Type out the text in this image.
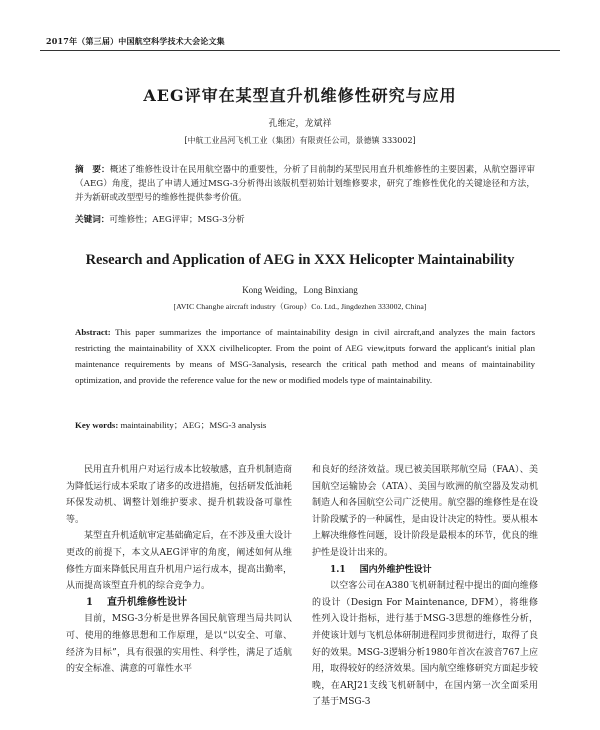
2017年（第三届）中国航空科学技术大会论文集
AEG评审在某型直升机维修性研究与应用
孔维定，龙斌祥
[中航工业昌河飞机工业（集团）有限责任公司，景德镇 333002]
摘　要：概述了维修性设计在民用航空器中的重要性，分析了目前制约某型民用直升机维修性的主要因素，从航空器评审（AEG）角度，提出了申请人通过MSG-3分析得出该版机型初始计划维修要求，研究了维修性优化的关键途径和方法，并为新研或改型型号的维修性提供参考价值。
关键词：可维修性；AEG评审；MSG-3分析
Research and Application of AEG in XXX Helicopter Maintainability
Kong Weiding，Long Binxiang
[AVIC Changhe aircraft industry（Group）Co. Ltd., Jingdezhen 333002, China]
Abstract: This paper summarizes the importance of maintainability design in civil aircraft,and analyzes the main factors restricting the maintainability of XXX civilhelicopter. From the point of AEG view,itputs forward the applicant's initial plan maintenance requirements by means of MSG-3analysis, research the critical path method and means of maintainability optimization, and provide the reference value for the new or modified models type of maintainability.
Key words: maintainability；AEG；MSG-3 analysis

民用直升机用户对运行成本比较敏感，直升机制造商为降低运行成本采取了诸多的改进措施，包括研发低油耗环保发动机、调整计划维护要求、提升机载设备可靠性等。

某型直升机适航审定基础确定后，在不涉及重大设计更改的前提下，本文从AEG评审的角度，阐述如何从维修性方面来降低民用直升机用户运行成本，提高出勤率，从而提高该型直升机的综合竞争力。

1 直升机维修性设计

目前，MSG-3分析是世界各国民航管理当局共同认可、使用的维修思想和工作原理，是以“以安全、可靠、经济为目标”，具有很强的实用性、科学性，满足了适航的安全标准、满意的可靠性水平

和良好的经济效益。现已被美国联邦航空局（FAA）、美国航空运输协会（ATA）、美国与欧洲的航空器及发动机制造人和各国航空公司广泛使用。航空器的维修性是在设计阶段赋予的一种属性，是由设计决定的特性。要从根本上解决维修性问题，设计阶段是最根本的环节，优良的维护性是设计出来的。

1.1 国内外维护性设计

以空客公司在A380飞机研制过程中提出的面向维修的设计（Design For Maintenance, DFM），将维修性列入设计指标，进行基于MSG-3思想的维修性分析，并使该计划与飞机总体研制进程同步贯彻进行，取得了良好的效果。MSG-3逻辑分析1980年首次在波音767上应用，取得较好的经济效果。国内航空维修研究方面起步较晚，在ARJ21支线飞机研制中，在国内第一次全面采用了基于MSG-3
